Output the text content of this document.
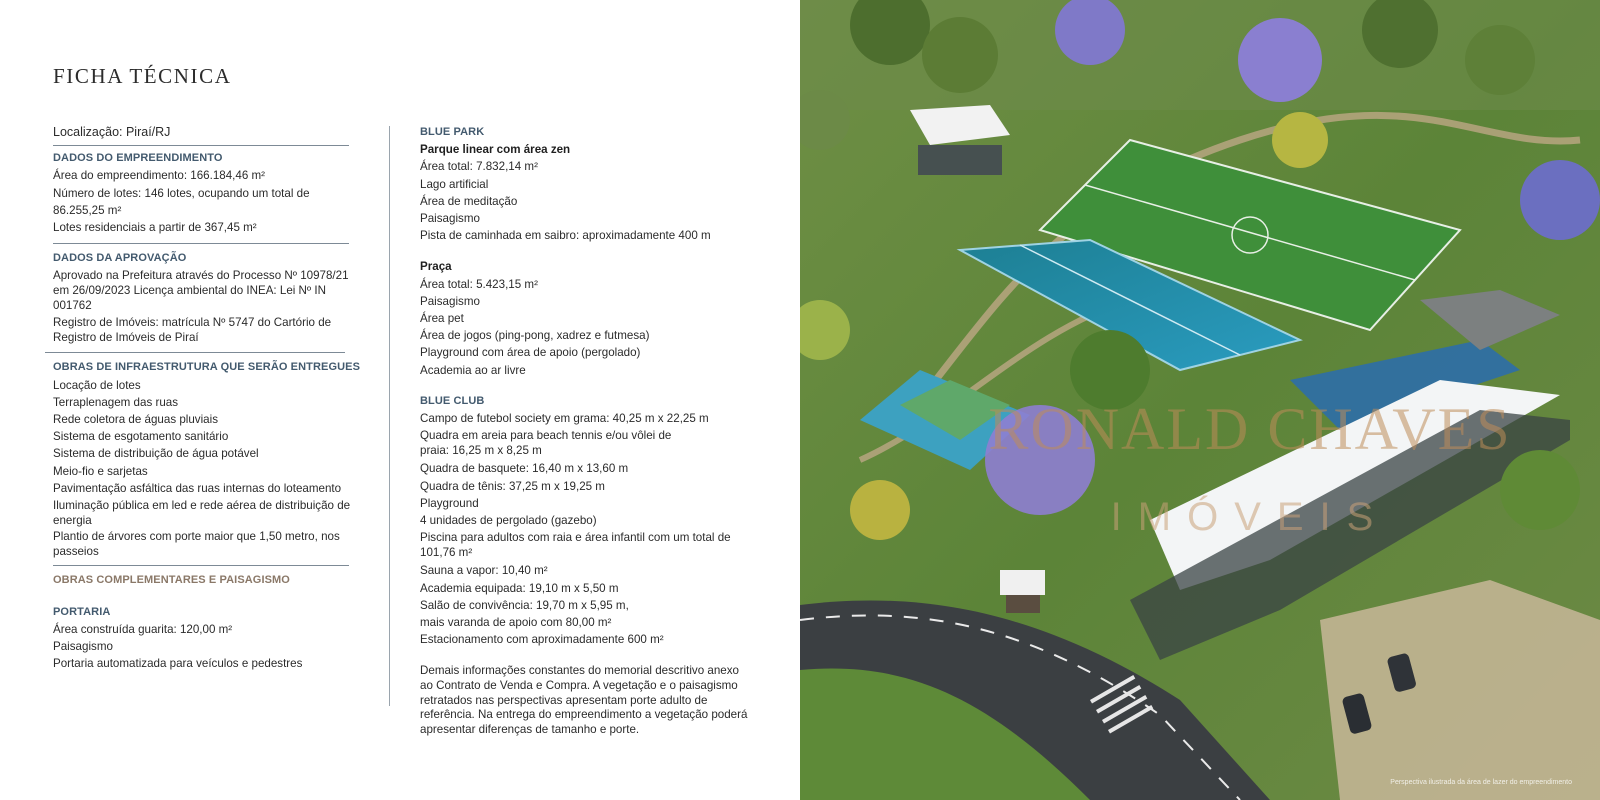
FICHA TÉCNICA
Localização: Piraí/RJ
DADOS DO EMPREENDIMENTO
Área do empreendimento: 166.184,46 m²
Número de lotes: 146 lotes, ocupando um total de 86.255,25 m²
Lotes residenciais a partir de 367,45 m²
DADOS DA APROVAÇÃO
Aprovado na Prefeitura através do Processo Nº 10978/21 em 26/09/2023 Licença ambiental do INEA: Lei Nº IN 001762
Registro de Imóveis: matrícula Nº 5747 do Cartório de Registro de Imóveis de Piraí
OBRAS DE INFRAESTRUTURA QUE SERÃO ENTREGUES
Locação de lotes
Terraplenagem das ruas
Rede coletora de águas pluviais
Sistema de esgotamento sanitário
Sistema de distribuição de água potável
Meio-fio e sarjetas
Pavimentação asfáltica das ruas internas do loteamento
Iluminação pública em led e rede aérea de distribuição de energia
Plantio de árvores com porte maior que 1,50 metro, nos passeios
OBRAS COMPLEMENTARES E PAISAGISMO
PORTARIA
Área construída guarita: 120,00 m²
Paisagismo
Portaria automatizada para veículos e pedestres
BLUE PARK
Parque linear com área zen
Área total: 7.832,14 m²
Lago artificial
Área de meditação
Paisagismo
Pista de caminhada em saibro: aproximadamente 400 m
Praça
Área total: 5.423,15 m²
Paisagismo
Área pet
Área de jogos (ping-pong, xadrez e futmesa)
Playground com área de apoio (pergolado)
Academia ao ar livre
BLUE CLUB
Campo de futebol society em grama: 40,25 m x 22,25 m
Quadra em areia para beach tennis e/ou vôlei de praia: 16,25 m x 8,25 m
Quadra de basquete: 16,40 m x 13,60 m
Quadra de tênis: 37,25 m x 19,25 m
Playground
4 unidades de pergolado (gazebo)
Piscina para adultos com raia e área infantil com um total de 101,76 m²
Sauna a vapor: 10,40 m²
Academia equipada: 19,10 m x 5,50 m
Salão de convivência: 19,70 m x 5,95 m,
mais varanda de apoio com 80,00 m²
Estacionamento com aproximadamente 600 m²
Demais informações constantes do memorial descritivo anexo ao Contrato de Venda e Compra. A vegetação e o paisagismo retratados nas perspectivas apresentam porte adulto de referência. Na entrega do empreendimento a vegetação poderá apresentar diferenças de tamanho e porte.
RONALD CHAVES
IMÓVEIS
Perspectiva ilustrada da área de lazer do empreendimento
